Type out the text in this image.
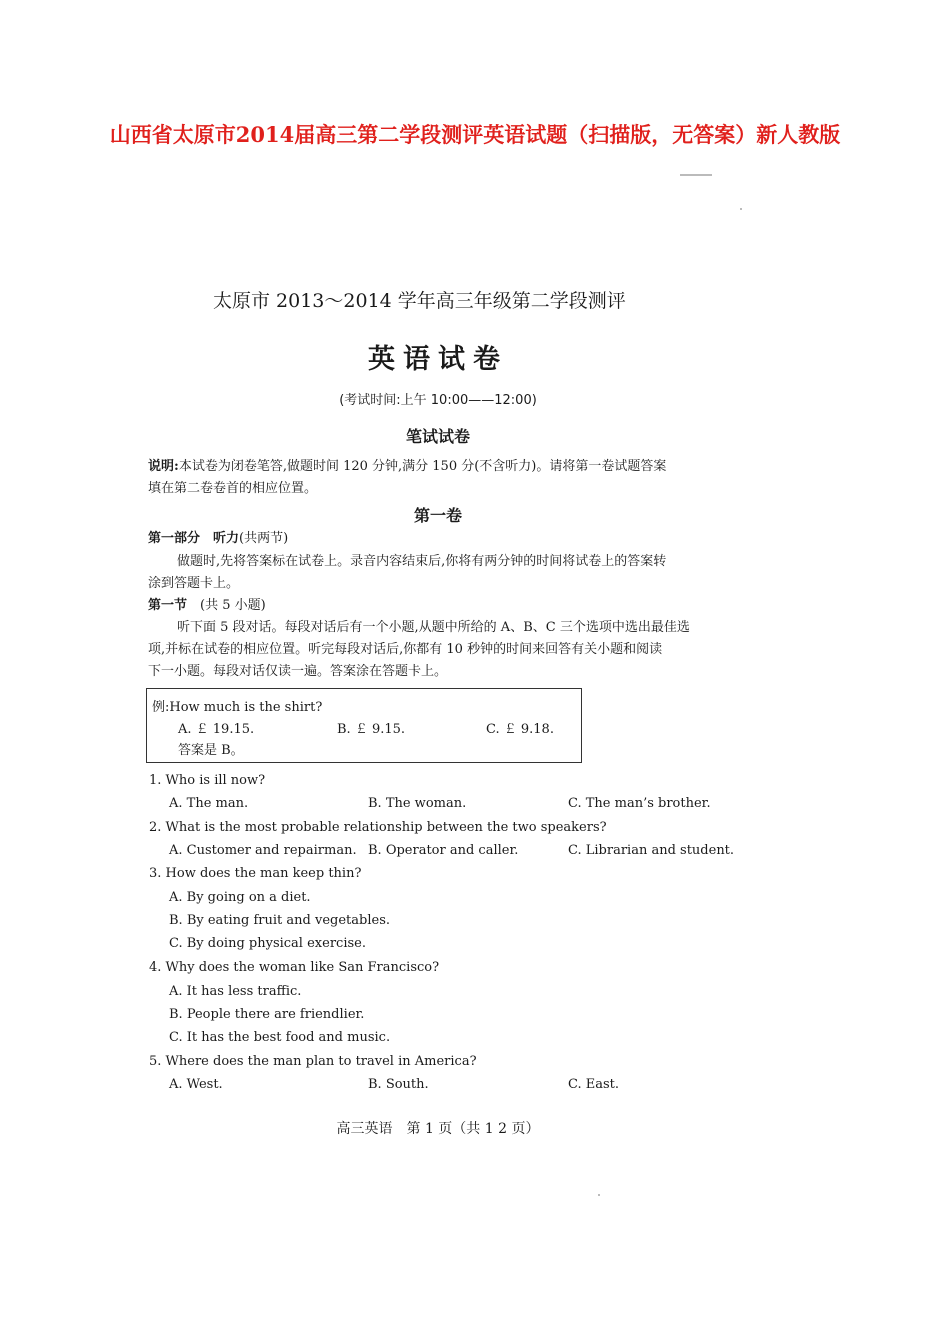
山西省太原市2014届高三第二学段测评英语试题（扫描版，无答案）新人教版
太原市 2013～2014 学年高三年级第二学段测评
英语试卷
(考试时间:上午 10:00——12:00)
笔试试卷
说明:本试卷为闭卷笔答,做题时间 120 分钟,满分 150 分(不含听力)。请将第一卷试题答案
填在第二卷卷首的相应位置。
第一卷
第一部分　听力(共两节)
做题时,先将答案标在试卷上。录音内容结束后,你将有两分钟的时间将试卷上的答案转
涂到答题卡上。
第一节　 (共 5 小题)
听下面 5 段对话。每段对话后有一个小题,从题中所给的 A、B、C 三个选项中选出最佳选
项,并标在试卷的相应位置。听完每段对话后,你都有 10 秒钟的时间来回答有关小题和阅读
下一小题。每段对话仅读一遍。答案涂在答题卡上。
例:How much is the shirt?
A. ￡ 19.15.	B. ￡ 9.15.	C. ￡ 9.18.
答案是 B。
1. Who is ill now?
A. The man.	B. The woman.	C. The man’s brother.
2. What is the most probable relationship between the two speakers?
A. Customer and repairman. B. Operator and caller.	C. Librarian and student.
3. How does the man keep thin?
A. By going on a diet.
B. By eating fruit and vegetables.
C. By doing physical exercise.
4. Why does the woman like San Francisco?
A. It has less traffic.
B. People there are friendlier.
C. It has the best food and music.
5. Where does the man plan to travel in America?
A. West.	B. South.	C. East.
高三英语　第 1 页（共 1 2 页）
